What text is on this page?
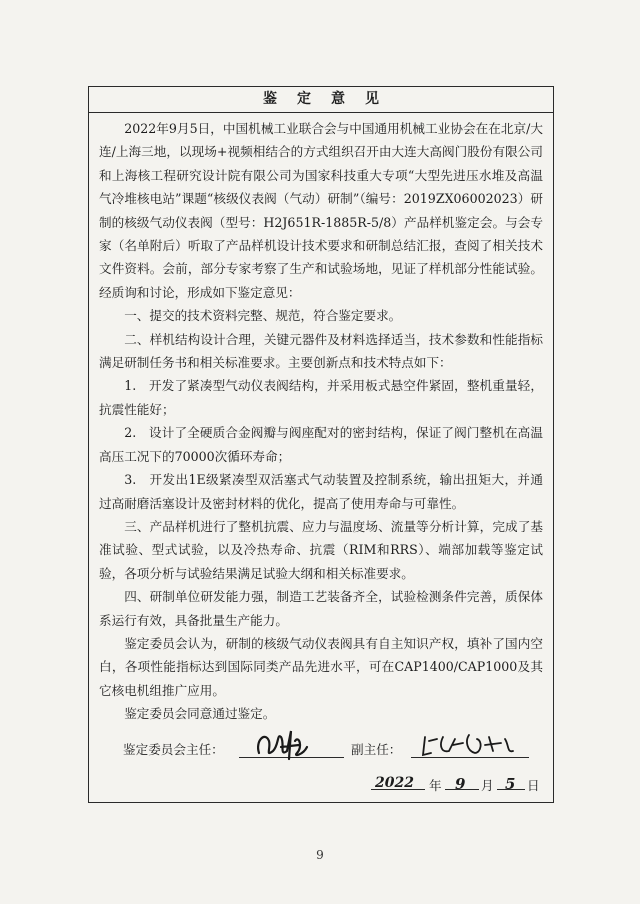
鉴定意见

2022年9月5日，中国机械工业联合会与中国通用机械工业协会在在北京/大连/上海三地，以现场+视频相结合的方式组织召开由大连大高阀门股份有限公司和上海核工程研究设计院有限公司为国家科技重大专项“大型先进压水堆及高温气冷堆核电站”课题“核级仪表阀（气动）研制”（编号：2019ZX06002023）研制的核级气动仪表阀（型号：H2J651R-1885R-5/8）产品样机鉴定会。与会专家（名单附后）听取了产品样机设计技术要求和研制总结汇报，查阅了相关技术文件资料。会前，部分专家考察了生产和试验场地，见证了样机部分性能试验。经质询和讨论，形成如下鉴定意见：

一、提交的技术资料完整、规范，符合鉴定要求。

二、样机结构设计合理，关键元器件及材料选择适当，技术参数和性能指标满足研制任务书和相关标准要求。主要创新点和技术特点如下：

1.　开发了紧凑型气动仪表阀结构，并采用板式悬空件紧固，整机重量轻，抗震性能好；

2.　设计了全硬质合金阀瓣与阀座配对的密封结构，保证了阀门整机在高温高压工况下的70000次循环寿命；

3.　开发出1E级紧凑型双活塞式气动装置及控制系统，输出扭矩大，并通过高耐磨活塞设计及密封材料的优化，提高了使用寿命与可靠性。

三、产品样机进行了整机抗震、应力与温度场、流量等分析计算，完成了基准试验、型式试验，以及冷热寿命、抗震（RIM和RRS）、端部加载等鉴定试验，各项分析与试验结果满足试验大纲和相关标准要求。

四、研制单位研发能力强，制造工艺装备齐全，试验检测条件完善，质保体系运行有效，具备批量生产能力。

鉴定委员会认为，研制的核级气动仪表阀具有自主知识产权，填补了国内空白，各项性能指标达到国际同类产品先进水平，可在CAP1400/CAP1000及其它核电机组推广应用。

鉴定委员会同意通过鉴定。

鉴定委员会主任：	副主任：
2022 年 9 月 5 日
9
